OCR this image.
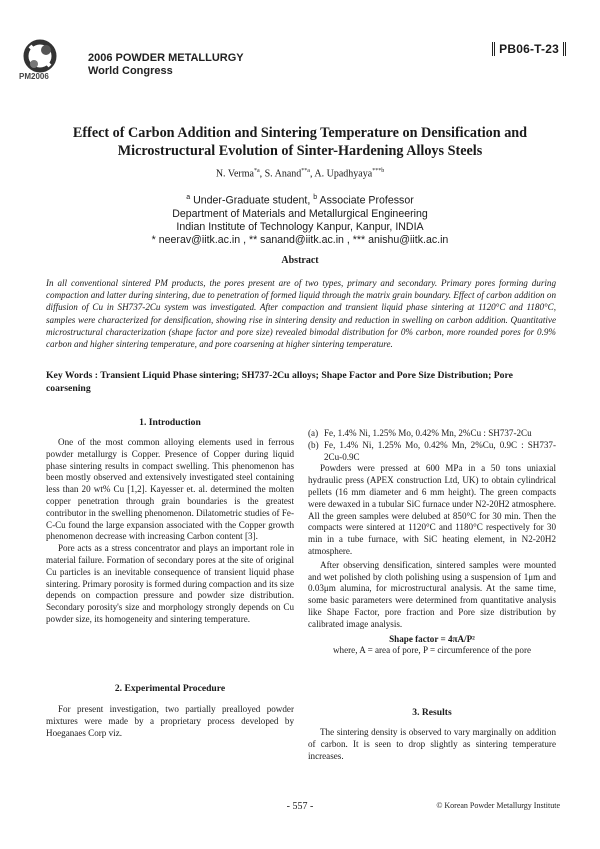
PM2006
2006 POWDER METALLURGY
World Congress
PB06-T-23
Effect of Carbon Addition and Sintering Temperature on Densification and
Microstructural Evolution of Sinter-Hardening Alloys Steels
N. Verma$^{*a}$, S. Anand$^{**a}$, A. Upadhyaya$^{***b}$
$^a$ Under-Graduate student, $^b$ Associate Professor
Department of Materials and Metallurgical Engineering
Indian Institute of Technology Kanpur, Kanpur, INDIA
* neerav@iitk.ac.in , ** sanand@iitk.ac.in , *** anishu@iitk.ac.in
Abstract
In all conventional sintered PM products, the pores present are of two types, primary and secondary. Primary pores forming during compaction and latter during sintering, due to penetration of formed liquid through the matrix grain boundary. Effect of carbon addition on diffusion of Cu in SH737-2Cu system was investigated. After compaction and transient liquid phase sintering at 1120°C and 1180°C, samples were characterized for densification, showing rise in sintering density and reduction in swelling on carbon addition. Quantitative microstructural characterization (shape factor and pore size) revealed bimodal distribution for 0% carbon, more rounded pores for 0.9% carbon and higher sintering temperature, and pore coarsening at higher sintering temperature.
Key Words : Transient Liquid Phase sintering; SH737-2Cu alloys; Shape Factor and Pore Size Distribution; Pore coarsening
1. Introduction
One of the most common alloying elements used in ferrous powder metallurgy is Copper. Presence of Copper during liquid phase sintering results in compact swelling. This phenomenon has been mostly observed and extensively investigated steel containing less than 20 wt% Cu [1,2]. Kayesser et. al. determined the molten copper penetration through grain boundaries is the greatest contributor in the swelling phenomenon. Dilatometric studies of Fe-C-Cu found the large expansion associated with the Copper growth phenomenon decrease with increasing Carbon content [3].
Pore acts as a stress concentrator and plays an important role in material failure. Formation of secondary pores at the site of original Cu particles is an inevitable consequence of transient liquid phase sintering. Primary porosity is formed during compaction and its size depends on compaction pressure and powder size distribution. Secondary porosity's size and morphology strongly depends on Cu powder size, its homogeneity and sintering temperature.
2. Experimental Procedure
For present investigation, two partially prealloyed powder mixtures were made by a proprietary process developed by Hoeganaes Corp viz.
(a) Fe, 1.4% Ni, 1.25% Mo, 0.42% Mn, 2%Cu : SH737-2Cu
(b) Fe, 1.4% Ni, 1.25% Mo, 0.42% Mn, 2%Cu, 0.9C : SH737-2Cu-0.9C
Powders were pressed at 600 MPa in a 50 tons uniaxial hydraulic press (APEX construction Ltd, UK) to obtain cylindrical pellets (16 mm diameter and 6 mm height). The green compacts were dewaxed in a tubular SiC furnace under N2-20H2 atmosphere. All the green samples were delubed at 850°C for 30 min. Then the compacts were sintered at 1120°C and 1180°C respectively for 30 min in a tube furnace, with SiC heating element, in N2-20H2 atmosphere.
After observing densification, sintered samples were mounted and wet polished by cloth polishing using a suspension of 1μm and 0.03μm alumina, for microstructural analysis. At the same time, some basic parameters were determined from quantitative analysis like Shape Factor, pore fraction and Pore size distribution by calibrated image analysis.
Shape factor = 4πA/P²
where, A = area of pore, P = circumference of the pore
3. Results
The sintering density is observed to vary marginally on addition of carbon. It is seen to drop slightly as sintering temperature increases.
- 557 -	© Korean Powder Metallurgy Institute
